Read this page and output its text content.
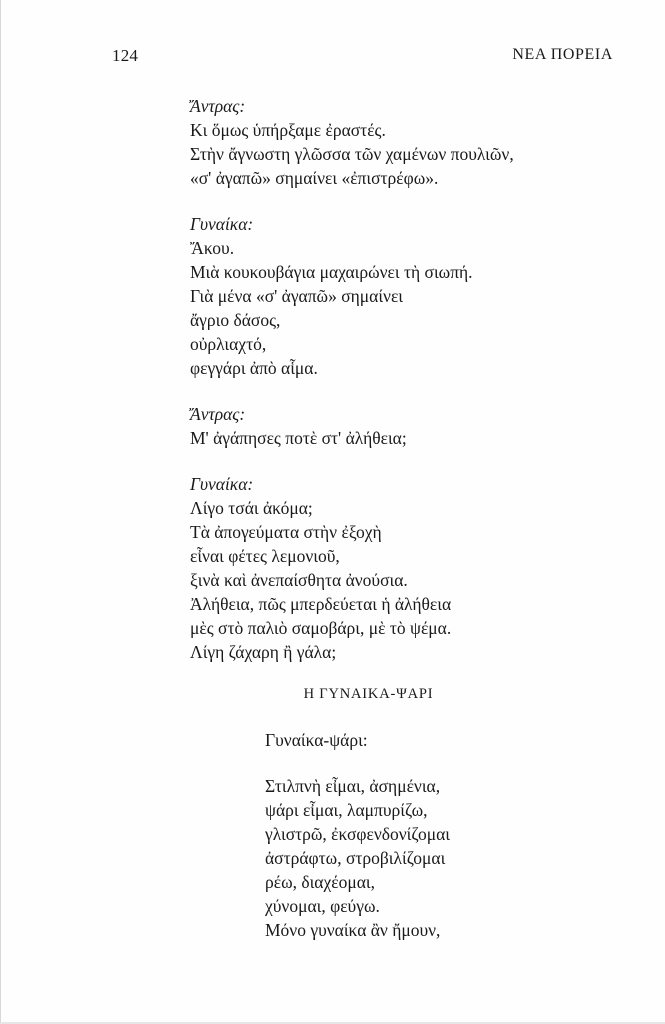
124	ΝΕΑ ΠΟΡΕΙΑ
Ἄντρας:
Κι ὅμως ὑπήρξαμε ἐραστές.
Στὴν ἄγνωστη γλῶσσα τῶν χαμένων πουλιῶν,
«σ' ἀγαπῶ» σημαίνει «ἐπιστρέφω».
Γυναίκα:
Ἄκου.
Μιὰ κουκουβάγια μαχαιρώνει τὴ σιωπή.
Γιὰ μένα «σ' ἀγαπῶ» σημαίνει
ἄγριο δάσος,
οὐρλιαχτό,
φεγγάρι ἀπὸ αἷμα.
Ἄντρας:
Μ' ἀγάπησες ποτὲ στ' ἀλήθεια;
Γυναίκα:
Λίγο τσάι ἀκόμα;
Τὰ ἀπογεύματα στὴν ἐξοχὴ
εἶναι φέτες λεμονιοῦ,
ξινὰ καὶ ἀνεπαίσθητα ἀνούσια.
Ἀλήθεια, πῶς μπερδεύεται ἡ ἀλήθεια
μὲς στὸ παλιὸ σαμοβάρι, μὲ τὸ ψέμα.
Λίγη ζάχαρη ἢ γάλα;
Η ΓΥΝΑΙΚΑ-ΨΑΡΙ
Γυναίκα-ψάρι:
Στιλπνὴ εἶμαι, ἀσημένια,
ψάρι εἶμαι, λαμπυρίζω,
γλιστρῶ, ἐκσφενδονίζομαι
ἀστράφτω, στροβιλίζομαι
ρέω, διαχέομαι,
χύνομαι, φεύγω.
Μόνο γυναίκα ἂν ἤμουν,
